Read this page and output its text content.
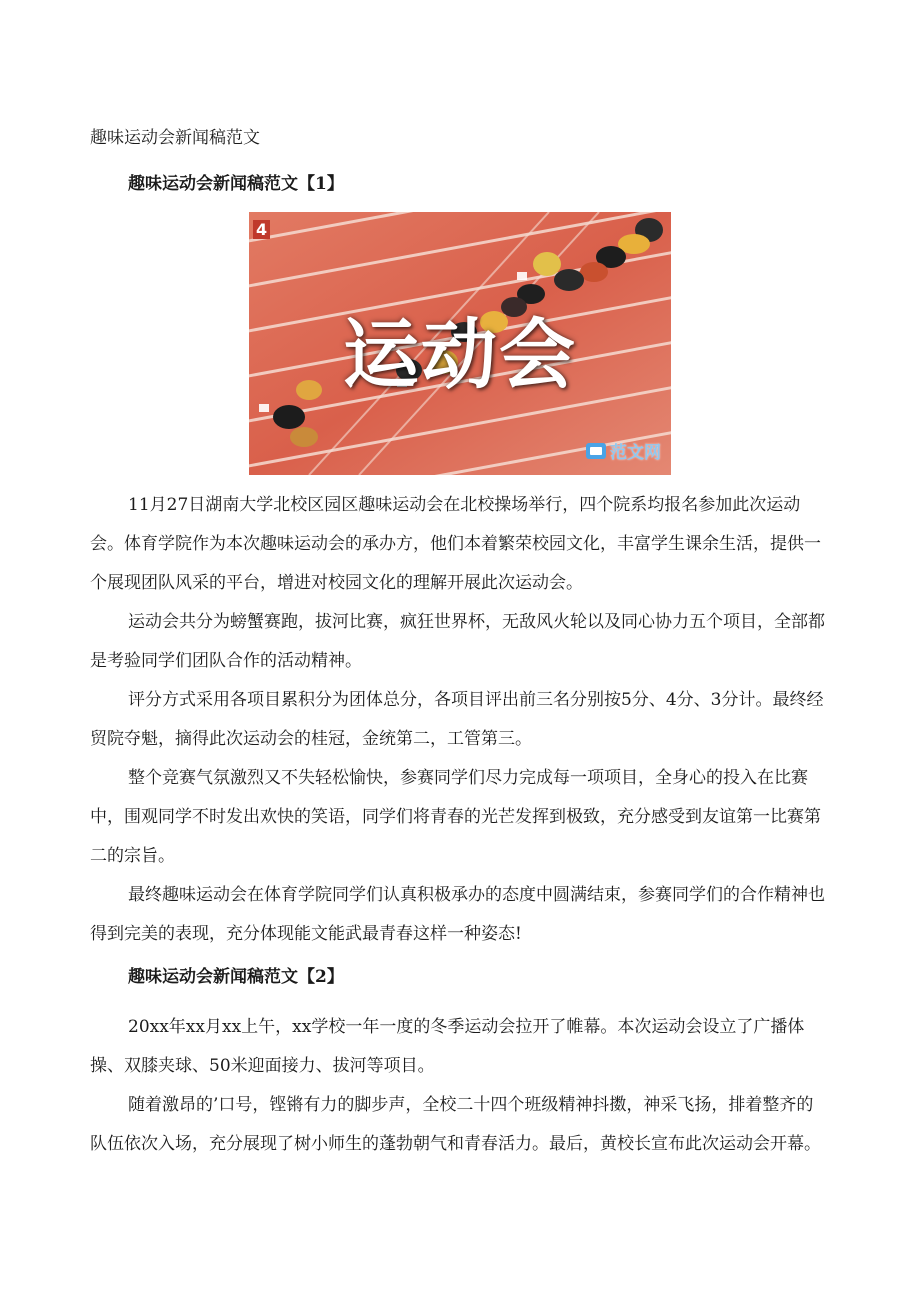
趣味运动会新闻稿范文
趣味运动会新闻稿范文【1】
4
运动会
范文网

11月27日湖南大学北校区园区趣味运动会在北校操场举行，四个院系均报名参加此次运动会。体育学院作为本次趣味运动会的承办方，他们本着繁荣校园文化，丰富学生课余生活，提供一个展现团队风采的平台，增进对校园文化的理解开展此次运动会。

运动会共分为螃蟹赛跑，拔河比赛，疯狂世界杯，无敌风火轮以及同心协力五个项目，全部都是考验同学们团队合作的活动精神。

评分方式采用各项目累积分为团体总分，各项目评出前三名分别按5分、4分、3分计。最终经贸院夺魁，摘得此次运动会的桂冠，金统第二，工管第三。

整个竞赛气氛激烈又不失轻松愉快，参赛同学们尽力完成每一项项目，全身心的投入在比赛中，围观同学不时发出欢快的笑语，同学们将青春的光芒发挥到极致，充分感受到友谊第一比赛第二的宗旨。

最终趣味运动会在体育学院同学们认真积极承办的态度中圆满结束，参赛同学们的合作精神也得到完美的表现，充分体现能文能武最青春这样一种姿态!

趣味运动会新闻稿范文【2】

20xx年xx月xx上午，xx学校一年一度的冬季运动会拉开了帷幕。本次运动会设立了广播体操、双膝夹球、50米迎面接力、拔河等项目。

随着激昂的’口号，铿锵有力的脚步声，全校二十四个班级精神抖擞，神采飞扬，排着整齐的队伍依次入场，充分展现了树小师生的蓬勃朝气和青春活力。最后，黄校长宣布此次运动会开幕。
